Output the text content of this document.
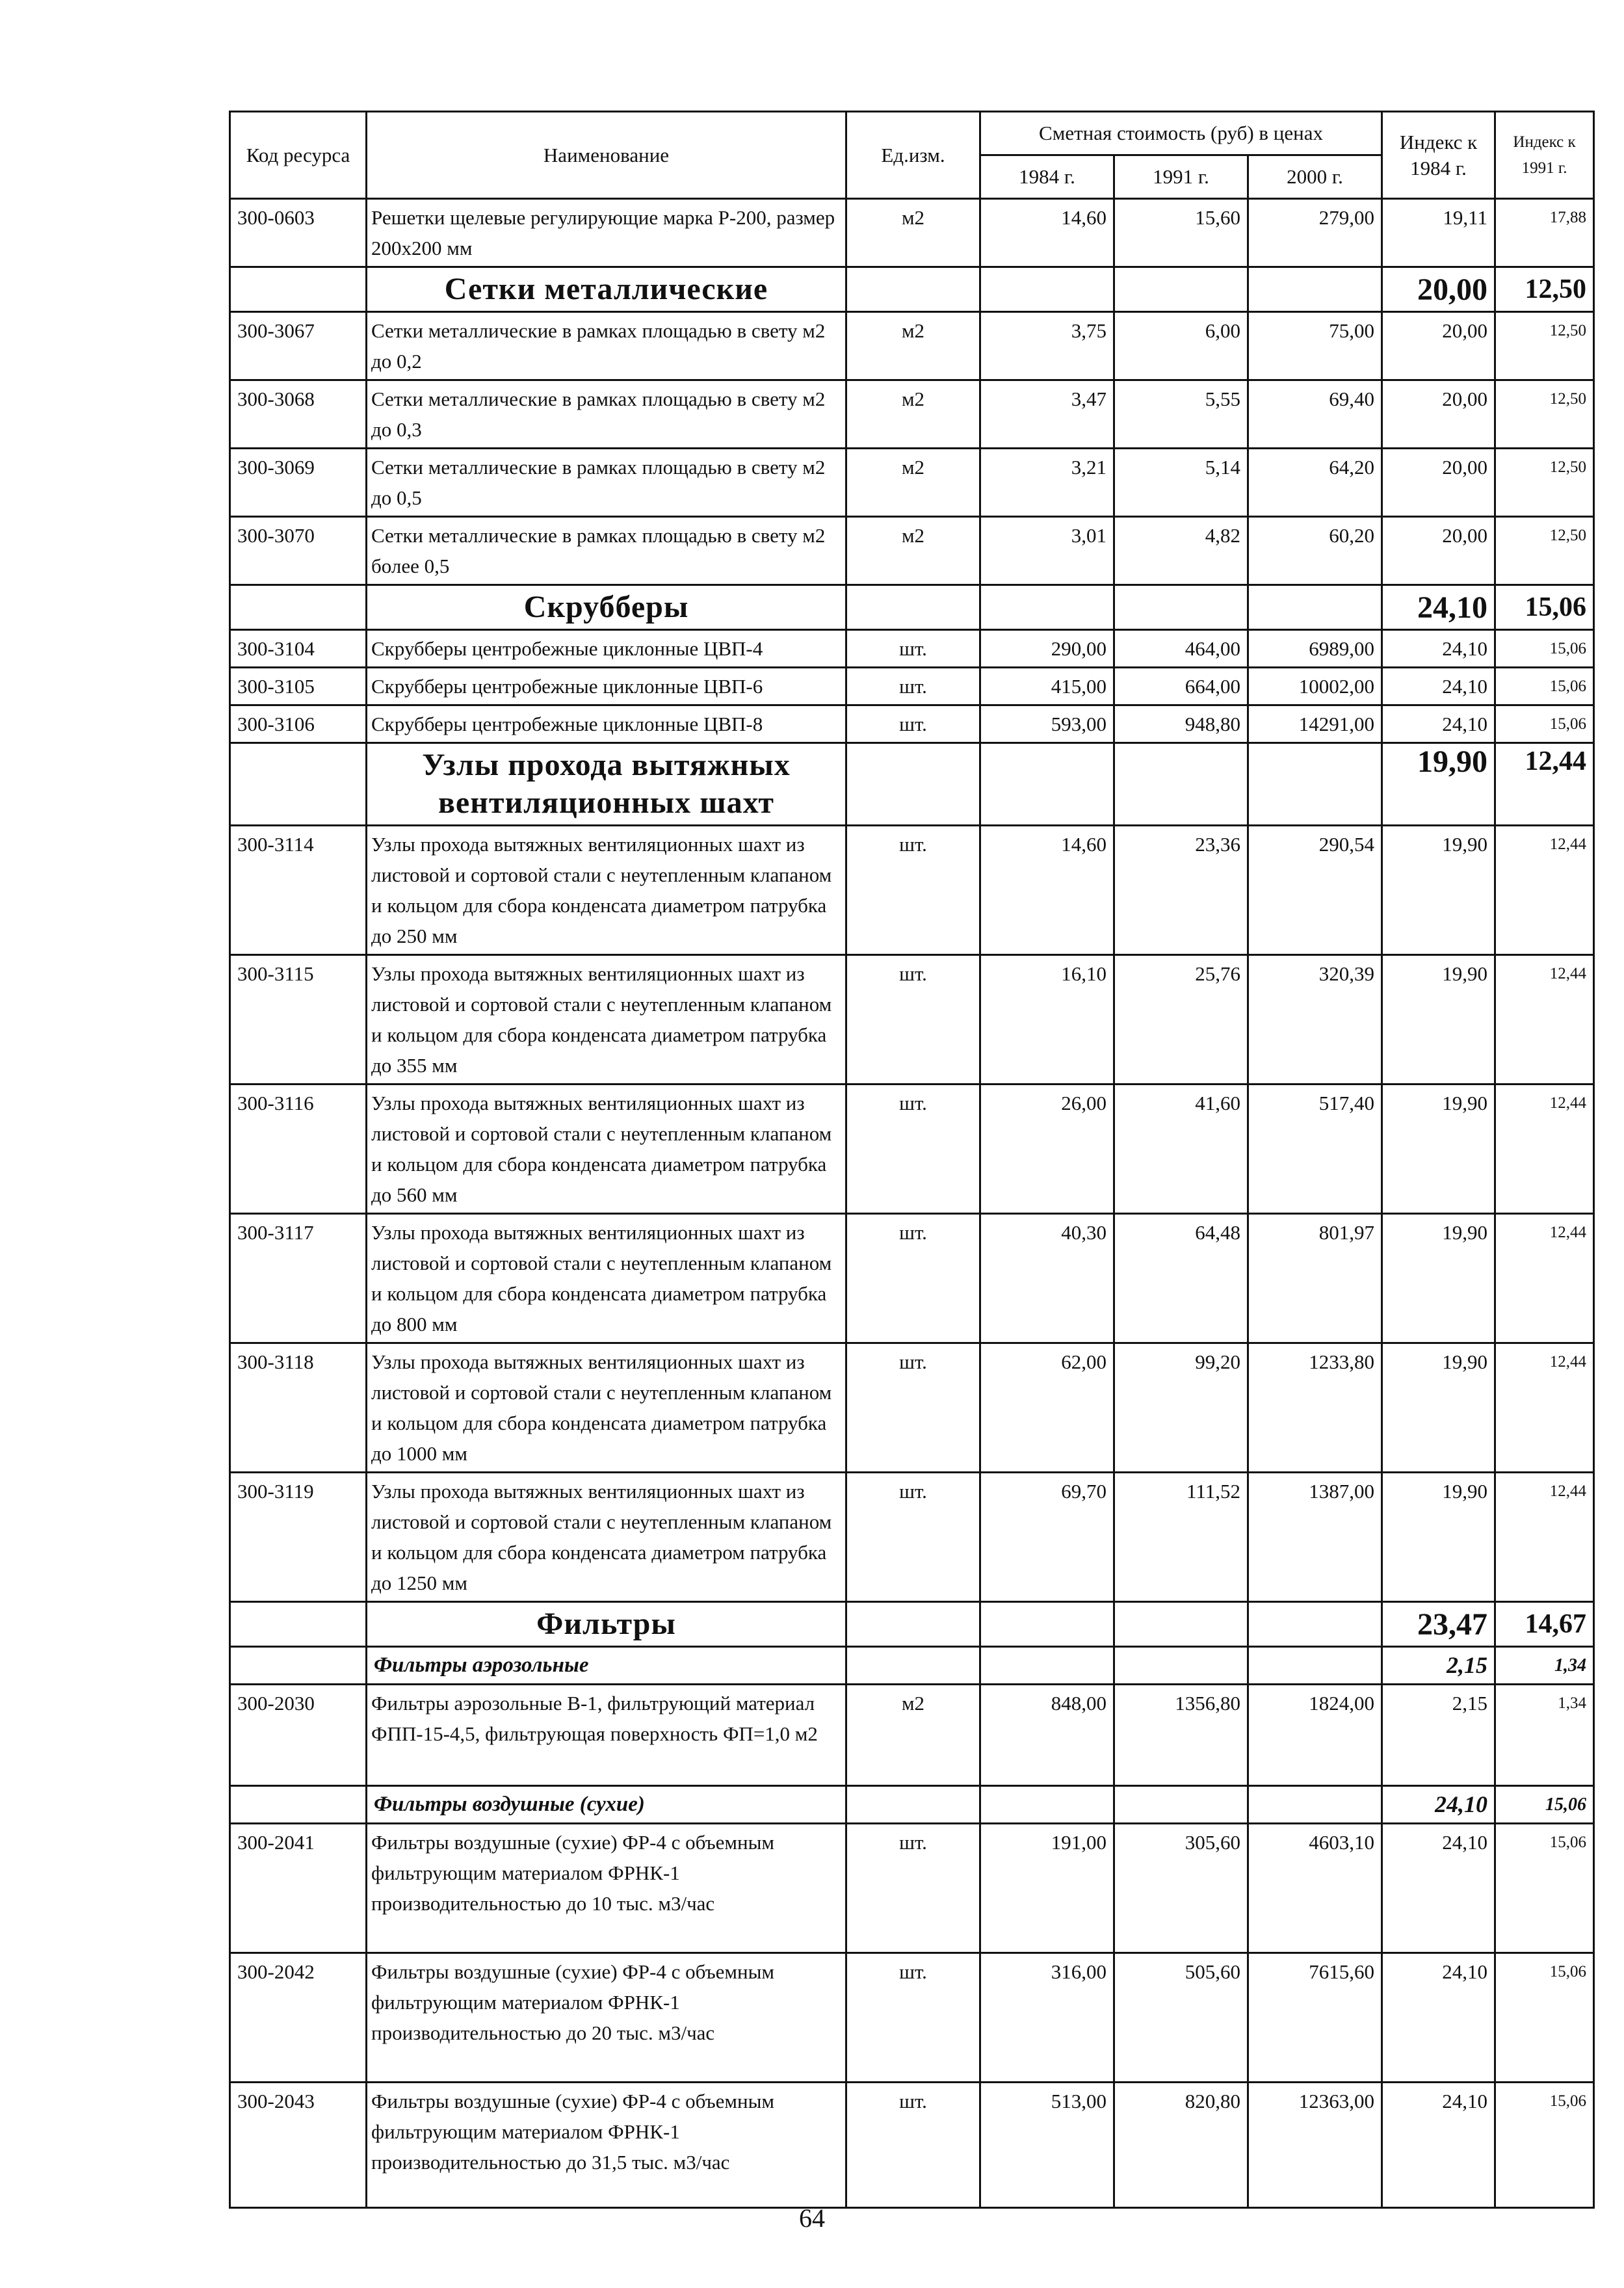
Код ресурса	Наименование	Ед.изм.	Сметная стоимость (руб) в ценах			Индекс к 1984 г.	Индекс к 1991 г.
			1984 г.	1991 г.	2000 г.		
300-0603	Решетки щелевые регулирующие марка Р-200, размер 200х200 мм	м2	14,60	15,60	279,00	19,11	17,88
	Сетки металлические					20,00	12,50
300-3067	Сетки металлические в рамках площадью в свету м2 до 0,2	м2	3,75	6,00	75,00	20,00	12,50
300-3068	Сетки металлические в рамках площадью в свету м2 до 0,3	м2	3,47	5,55	69,40	20,00	12,50
300-3069	Сетки металлические в рамках площадью в свету м2 до 0,5	м2	3,21	5,14	64,20	20,00	12,50
300-3070	Сетки металлические в рамках площадью в свету м2 более 0,5	м2	3,01	4,82	60,20	20,00	12,50
	Скрубберы					24,10	15,06
300-3104	Скрубберы центробежные циклонные ЦВП-4	шт.	290,00	464,00	6989,00	24,10	15,06
300-3105	Скрубберы центробежные циклонные ЦВП-6	шт.	415,00	664,00	10002,00	24,10	15,06
300-3106	Скрубберы центробежные циклонные ЦВП-8	шт.	593,00	948,80	14291,00	24,10	15,06
	Узлы прохода вытяжных вентиляционных шахт					19,90	12,44
300-3114	Узлы прохода вытяжных вентиляционных шахт из листовой и сортовой стали с неутепленным клапаном и кольцом для сбора конденсата диаметром патрубка до 250 мм	шт.	14,60	23,36	290,54	19,90	12,44
300-3115	Узлы прохода вытяжных вентиляционных шахт из листовой и сортовой стали с неутепленным клапаном и кольцом для сбора конденсата диаметром патрубка до 355 мм	шт.	16,10	25,76	320,39	19,90	12,44
300-3116	Узлы прохода вытяжных вентиляционных шахт из листовой и сортовой стали с неутепленным клапаном и кольцом для сбора конденсата диаметром патрубка до 560 мм	шт.	26,00	41,60	517,40	19,90	12,44
300-3117	Узлы прохода вытяжных вентиляционных шахт из листовой и сортовой стали с неутепленным клапаном и кольцом для сбора конденсата диаметром патрубка до 800 мм	шт.	40,30	64,48	801,97	19,90	12,44
300-3118	Узлы прохода вытяжных вентиляционных шахт из листовой и сортовой стали с неутепленным клапаном и кольцом для сбора конденсата диаметром патрубка до 1000 мм	шт.	62,00	99,20	1233,80	19,90	12,44
300-3119	Узлы прохода вытяжных вентиляционных шахт из листовой и сортовой стали с неутепленным клапаном и кольцом для сбора конденсата диаметром патрубка до 1250 мм	шт.	69,70	111,52	1387,00	19,90	12,44
	Фильтры					23,47	14,67
	Фильтры аэрозольные					2,15	1,34
300-2030	Фильтры аэрозольные В-1, фильтрующий материал ФПП-15-4,5, фильтрующая поверхность ФП=1,0 м2	м2	848,00	1356,80	1824,00	2,15	1,34
	Фильтры воздушные (сухие)					24,10	15,06
300-2041	Фильтры воздушные (сухие) ФР-4 с объемным фильтрующим материалом ФРНК-1 производительностью до 10 тыс. м3/час	шт.	191,00	305,60	4603,10	24,10	15,06
300-2042	Фильтры воздушные (сухие) ФР-4 с объемным фильтрующим материалом ФРНК-1 производительностью до 20 тыс. м3/час	шт.	316,00	505,60	7615,60	24,10	15,06
300-2043	Фильтры воздушные (сухие) ФР-4 с объемным фильтрующим материалом ФРНК-1 производительностью до 31,5 тыс. м3/час	шт.	513,00	820,80	12363,00	24,10	15,06
64
